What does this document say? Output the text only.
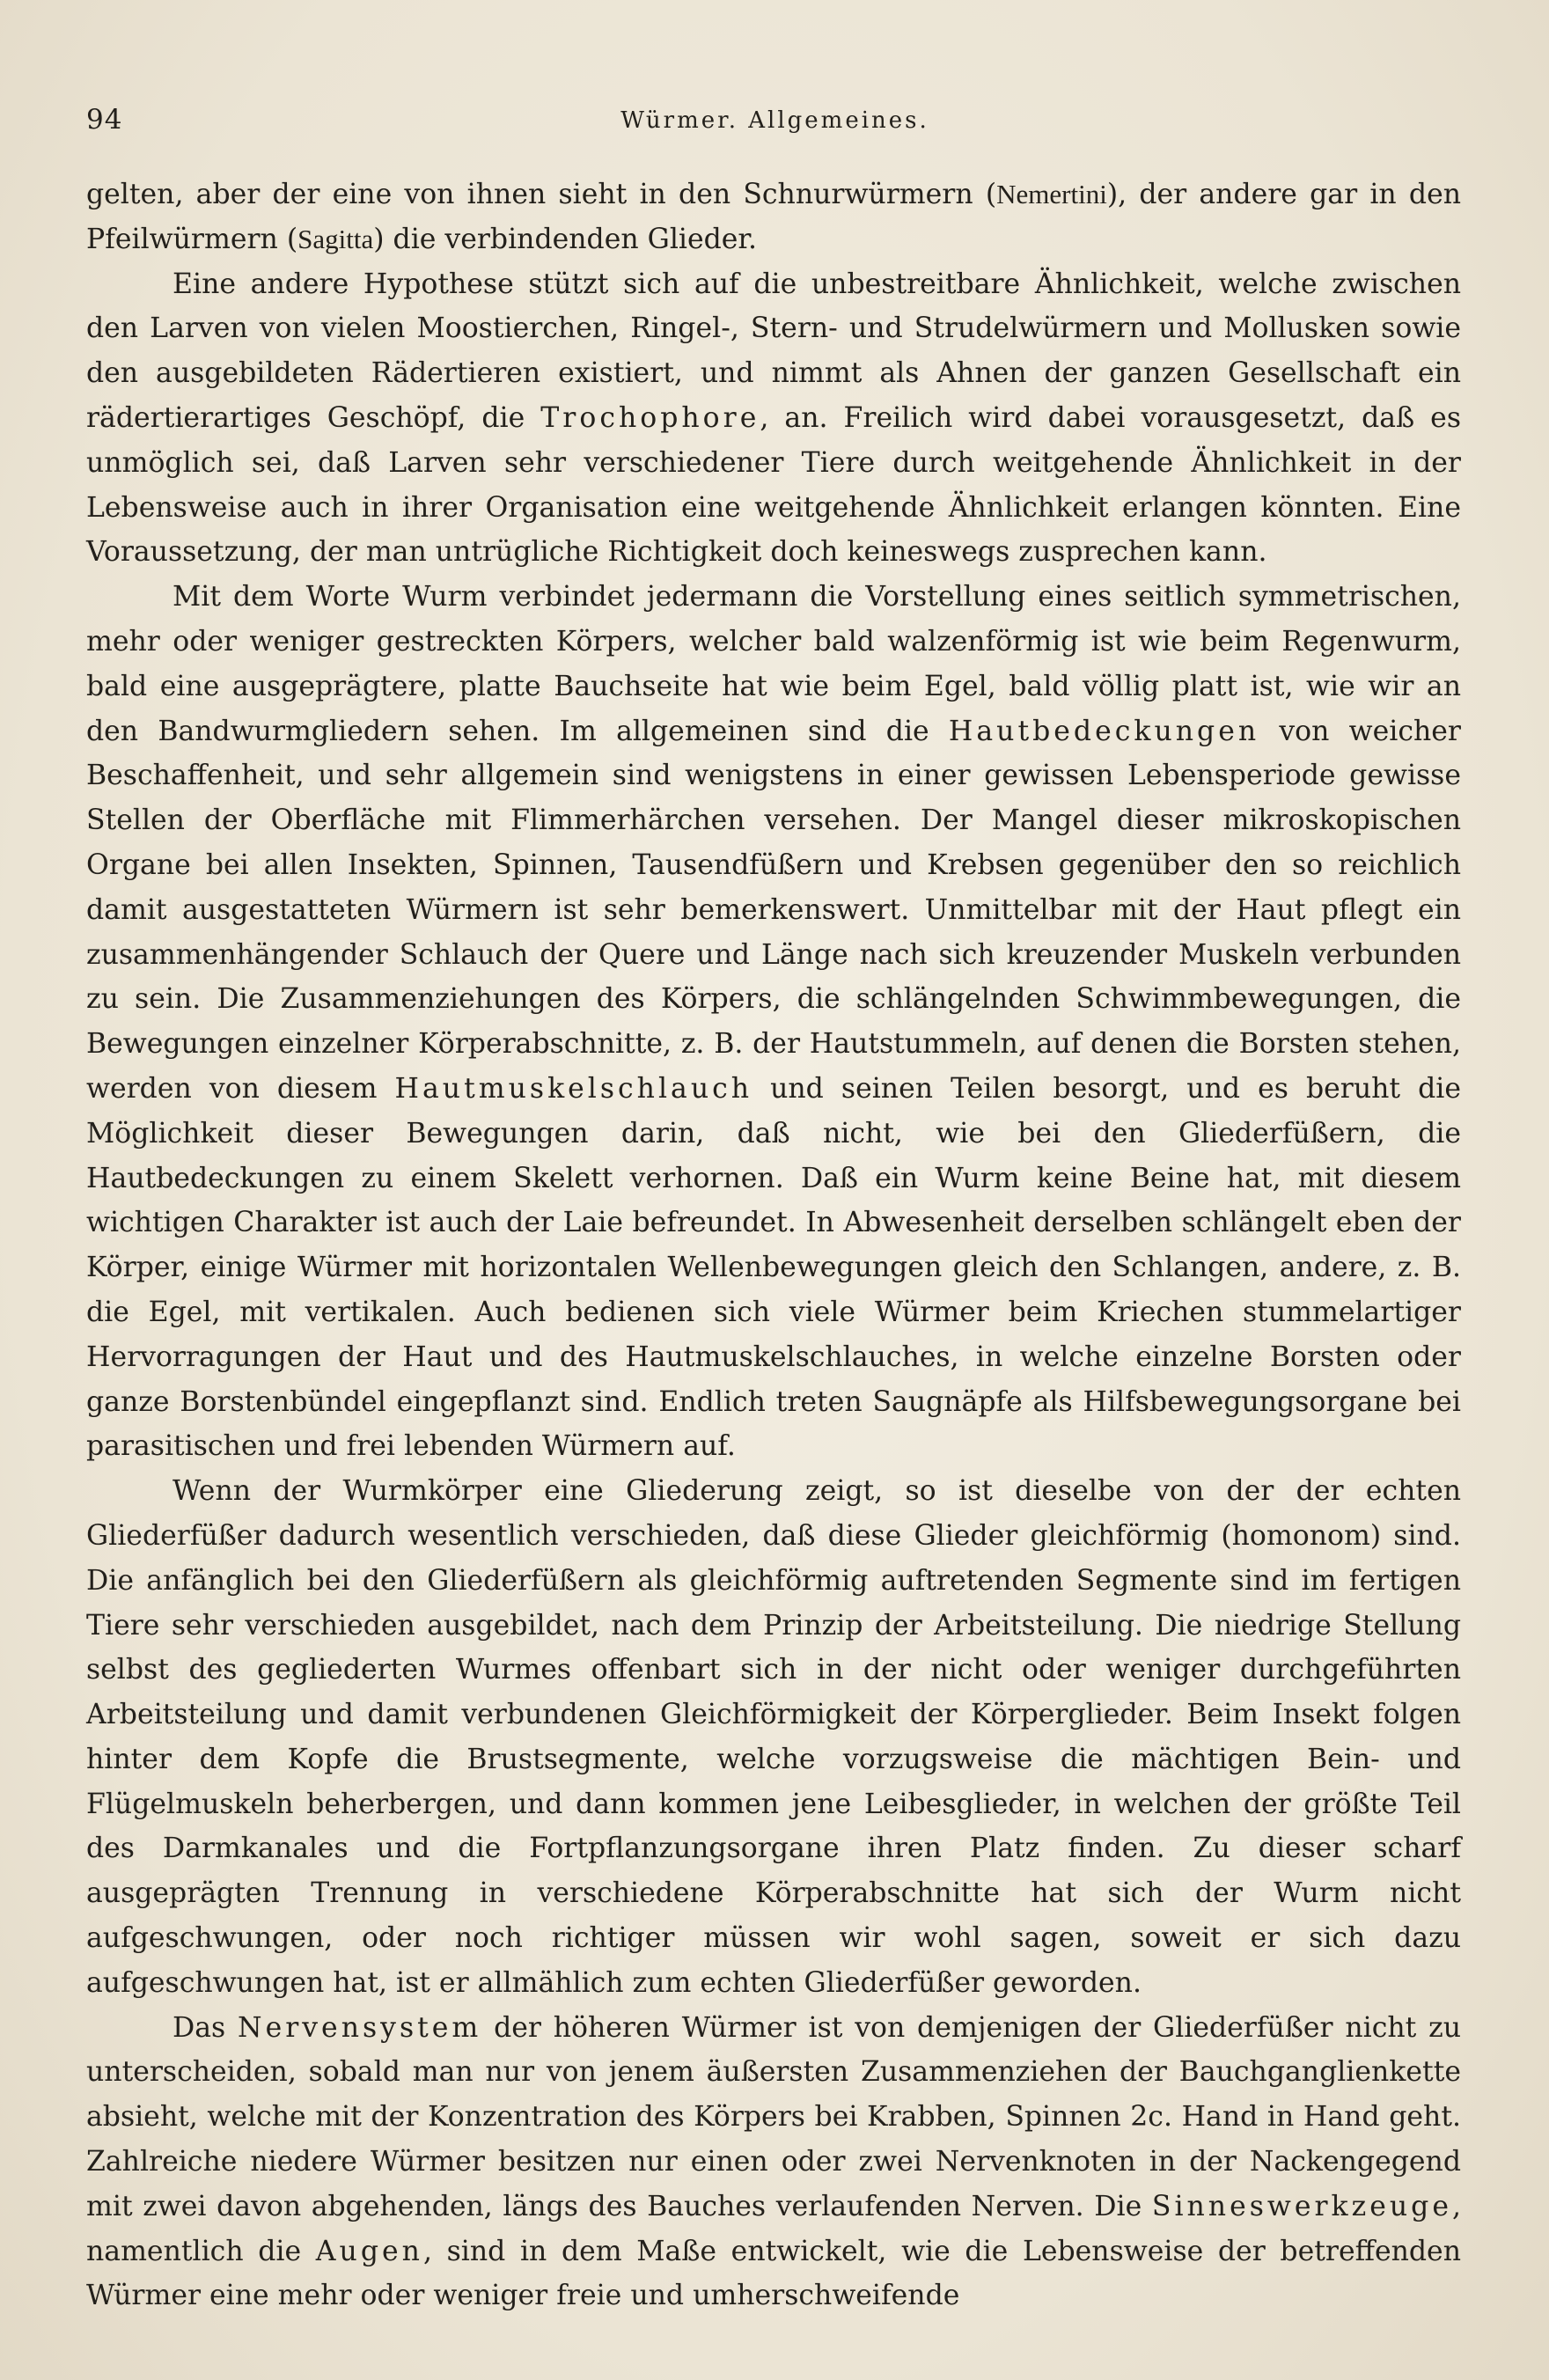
94	Würmer. Allgemeines.

gelten, aber der eine von ihnen sieht in den Schnurwürmern (Nemertini), der andere gar in den Pfeilwürmern (Sagitta) die verbindenden Glieder.

Eine andere Hypothese stützt sich auf die unbestreitbare Ähnlichkeit, welche zwischen den Larven von vielen Moostierchen, Ringel-, Stern- und Strudelwürmern und Mollusken sowie den ausgebildeten Rädertieren existiert, und nimmt als Ahnen der ganzen Gesellschaft ein rädertierartiges Geschöpf, die Trochophore, an. Freilich wird dabei vorausgesetzt, daß es unmöglich sei, daß Larven sehr verschiedener Tiere durch weitgehende Ähnlichkeit in der Lebensweise auch in ihrer Organisation eine weitgehende Ähnlichkeit erlangen könnten. Eine Voraussetzung, der man untrügliche Richtigkeit doch keineswegs zusprechen kann.

Mit dem Worte Wurm verbindet jedermann die Vorstellung eines seitlich symmetrischen, mehr oder weniger gestreckten Körpers, welcher bald walzenförmig ist wie beim Regenwurm, bald eine ausgeprägtere, platte Bauchseite hat wie beim Egel, bald völlig platt ist, wie wir an den Bandwurmgliedern sehen. Im allgemeinen sind die Hautbedeckungen von weicher Beschaffenheit, und sehr allgemein sind wenigstens in einer gewissen Lebensperiode gewisse Stellen der Oberfläche mit Flimmerhärchen versehen. Der Mangel dieser mikroskopischen Organe bei allen Insekten, Spinnen, Tausendfüßern und Krebsen gegenüber den so reichlich damit ausgestatteten Würmern ist sehr bemerkenswert. Unmittelbar mit der Haut pflegt ein zusammenhängender Schlauch der Quere und Länge nach sich kreuzender Muskeln verbunden zu sein. Die Zusammenziehungen des Körpers, die schlängelnden Schwimmbewegungen, die Bewegungen einzelner Körperabschnitte, z. B. der Hautstummeln, auf denen die Borsten stehen, werden von diesem Hautmuskelschlauch und seinen Teilen besorgt, und es beruht die Möglichkeit dieser Bewegungen darin, daß nicht, wie bei den Gliederfüßern, die Hautbedeckungen zu einem Skelett verhornen. Daß ein Wurm keine Beine hat, mit diesem wichtigen Charakter ist auch der Laie befreundet. In Abwesenheit derselben schlängelt eben der Körper, einige Würmer mit horizontalen Wellenbewegungen gleich den Schlangen, andere, z. B. die Egel, mit vertikalen. Auch bedienen sich viele Würmer beim Kriechen stummelartiger Hervorragungen der Haut und des Hautmuskelschlauches, in welche einzelne Borsten oder ganze Borstenbündel eingepflanzt sind. Endlich treten Saugnäpfe als Hilfsbewegungsorgane bei parasitischen und frei lebenden Würmern auf.

Wenn der Wurmkörper eine Gliederung zeigt, so ist dieselbe von der der echten Gliederfüßer dadurch wesentlich verschieden, daß diese Glieder gleichförmig (homonom) sind. Die anfänglich bei den Gliederfüßern als gleichförmig auftretenden Segmente sind im fertigen Tiere sehr verschieden ausgebildet, nach dem Prinzip der Arbeitsteilung. Die niedrige Stellung selbst des gegliederten Wurmes offenbart sich in der nicht oder weniger durchgeführten Arbeitsteilung und damit verbundenen Gleichförmigkeit der Körperglieder. Beim Insekt folgen hinter dem Kopfe die Brustsegmente, welche vorzugsweise die mächtigen Bein- und Flügelmuskeln beherbergen, und dann kommen jene Leibesglieder, in welchen der größte Teil des Darmkanales und die Fortpflanzungsorgane ihren Platz finden. Zu dieser scharf ausgeprägten Trennung in verschiedene Körperabschnitte hat sich der Wurm nicht aufgeschwungen, oder noch richtiger müssen wir wohl sagen, soweit er sich dazu aufgeschwungen hat, ist er allmählich zum echten Gliederfüßer geworden.

Das Nervensystem der höheren Würmer ist von demjenigen der Gliederfüßer nicht zu unterscheiden, sobald man nur von jenem äußersten Zusammenziehen der Bauchganglienkette absieht, welche mit der Konzentration des Körpers bei Krabben, Spinnen 2c. Hand in Hand geht. Zahlreiche niedere Würmer besitzen nur einen oder zwei Nervenknoten in der Nackengegend mit zwei davon abgehenden, längs des Bauches verlaufenden Nerven. Die Sinneswerkzeuge, namentlich die Augen, sind in dem Maße entwickelt, wie die Lebensweise der betreffenden Würmer eine mehr oder weniger freie und umherschweifende
